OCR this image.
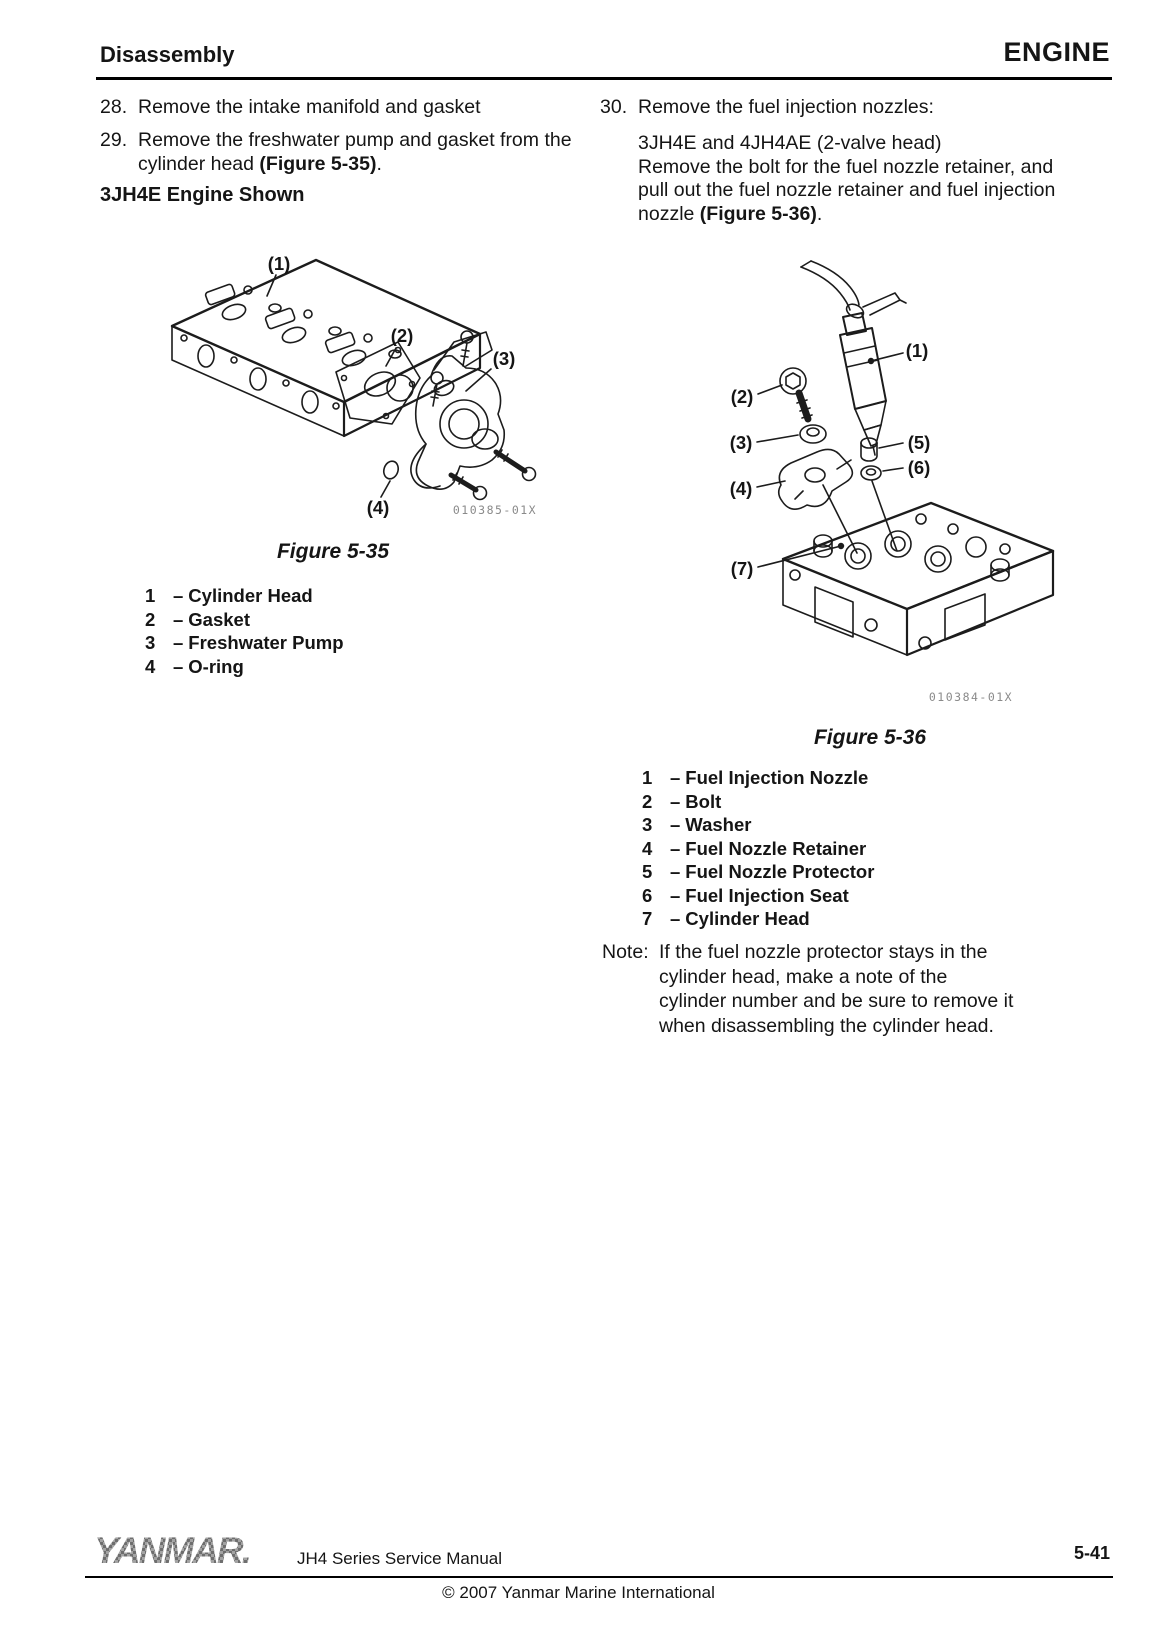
Disassembly	ENGINE
28. Remove the intake manifold and gasket
29. Remove the freshwater pump and gasket from the cylinder head (Figure 5-35).
3JH4E Engine Shown
(1)
(2)
(3)
(4)	010385-01X
Figure 5-35
1 – Cylinder Head
2 – Gasket
3 – Freshwater Pump
4 – O-ring
30. Remove the fuel injection nozzles:
3JH4E and 4JH4AE (2-valve head)
Remove the bolt for the fuel nozzle retainer, and
pull out the fuel nozzle retainer and fuel injection
nozzle (Figure 5-36).
(1)
(2)
(3)
(4)
(5)
(6)
(7)
010384-01X
Figure 5-36
1 – Fuel Injection Nozzle
2 – Bolt
3 – Washer
4 – Fuel Nozzle Retainer
5 – Fuel Nozzle Protector
6 – Fuel Injection Seat
7 – Cylinder Head
Note: If the fuel nozzle protector stays in the
cylinder head, make a note of the
cylinder number and be sure to remove it
when disassembling the cylinder head.
YANMAR.	JH4 Series Service Manual	5-41
© 2007 Yanmar Marine International
